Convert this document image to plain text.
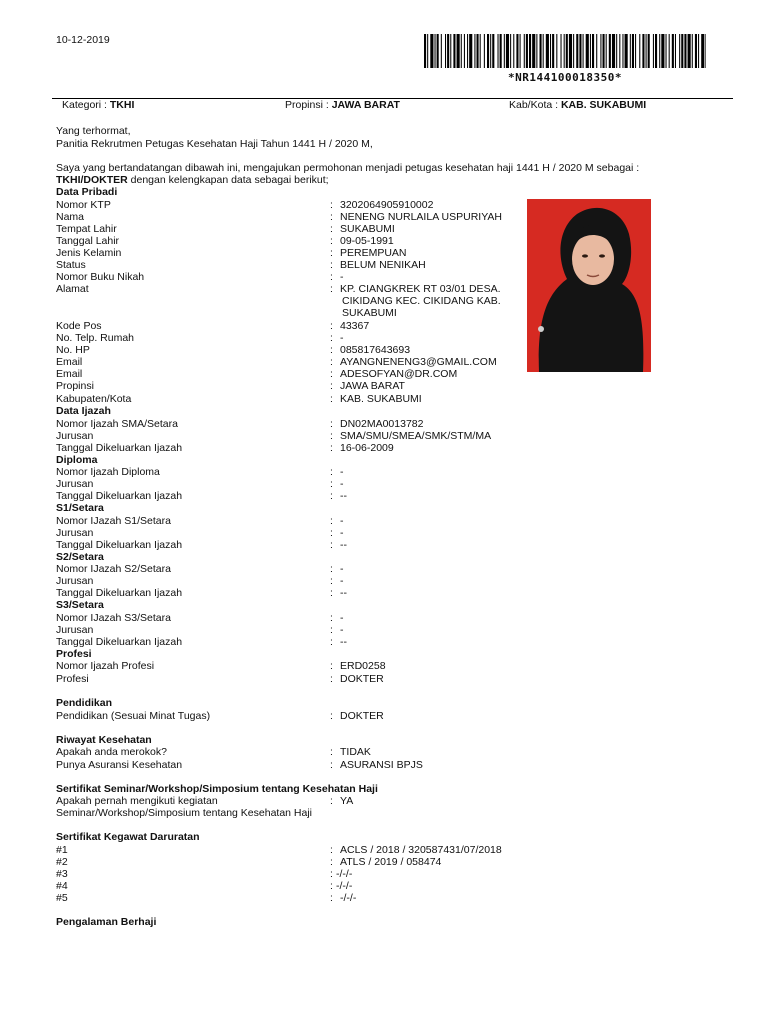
10-12-2019
*NR144100018350*
Kategori : TKHI	Propinsi : JAWA BARAT	Kab/Kota : KAB. SUKABUMI
Yang terhormat,
Panitia Rekrutmen Petugas Kesehatan Haji Tahun 1441 H / 2020 M,
Saya yang bertandatangan dibawah ini, mengajukan permohonan menjadi petugas kesehatan haji 1441 H / 2020 M sebagai :
TKHI/DOKTER dengan kelengkapan data sebagai berikut;
Data Pribadi
Nomor KTP	: 3202064905910002
Nama	: NENENG NURLAILA USPURIYAH
Tempat Lahir	: SUKABUMI
Tanggal Lahir	: 09-05-1991
Jenis Kelamin	: PEREMPUAN
Status	: BELUM NENIKAH
Nomor Buku Nikah	: -
Alamat	: KP. CIANGKREK RT 03/01 DESA.
CIKIDANG KEC. CIKIDANG KAB.
SUKABUMI
Kode Pos	: 43367
No. Telp. Rumah	: -
No. HP	: 085817643693
Email	: AYANGNENENG3@GMAIL.COM
Email	: ADESOFYAN@DR.COM
Propinsi	: JAWA BARAT
Kabupaten/Kota	: KAB. SUKABUMI
Data Ijazah
Nomor Ijazah SMA/Setara	: DN02MA0013782
Jurusan	: SMA/SMU/SMEA/SMK/STM/MA
Tanggal Dikeluarkan Ijazah	: 16-06-2009
Diploma
Nomor Ijazah Diploma	: -
Jurusan	: -
Tanggal Dikeluarkan Ijazah	: --
S1/Setara
Nomor IJazah S1/Setara	: -
Jurusan	: -
Tanggal Dikeluarkan Ijazah	: --
S2/Setara
Nomor IJazah S2/Setara	: -
Jurusan	: -
Tanggal Dikeluarkan Ijazah	: --
S3/Setara
Nomor IJazah S3/Setara	: -
Jurusan	: -
Tanggal Dikeluarkan Ijazah	: --
Profesi
Nomor Ijazah Profesi	: ERD0258
Profesi	: DOKTER
Pendidikan
Pendidikan (Sesuai Minat Tugas)	: DOKTER
Riwayat Kesehatan
Apakah anda merokok?	: TIDAK
Punya Asuransi Kesehatan	: ASURANSI BPJS
Sertifikat Seminar/Workshop/Simposium tentang Kesehatan Haji
Apakah pernah mengikuti kegiatan	: YA
Seminar/Workshop/Simposium tentang Kesehatan Haji
Sertifikat Kegawat Daruratan
#1	: ACLS / 2018 / 320587431/07/2018
#2	: ATLS / 2019 / 058474
#3	: -/-/-
#4	: -/-/-
#5	: -/-/-
Pengalaman Berhaji
